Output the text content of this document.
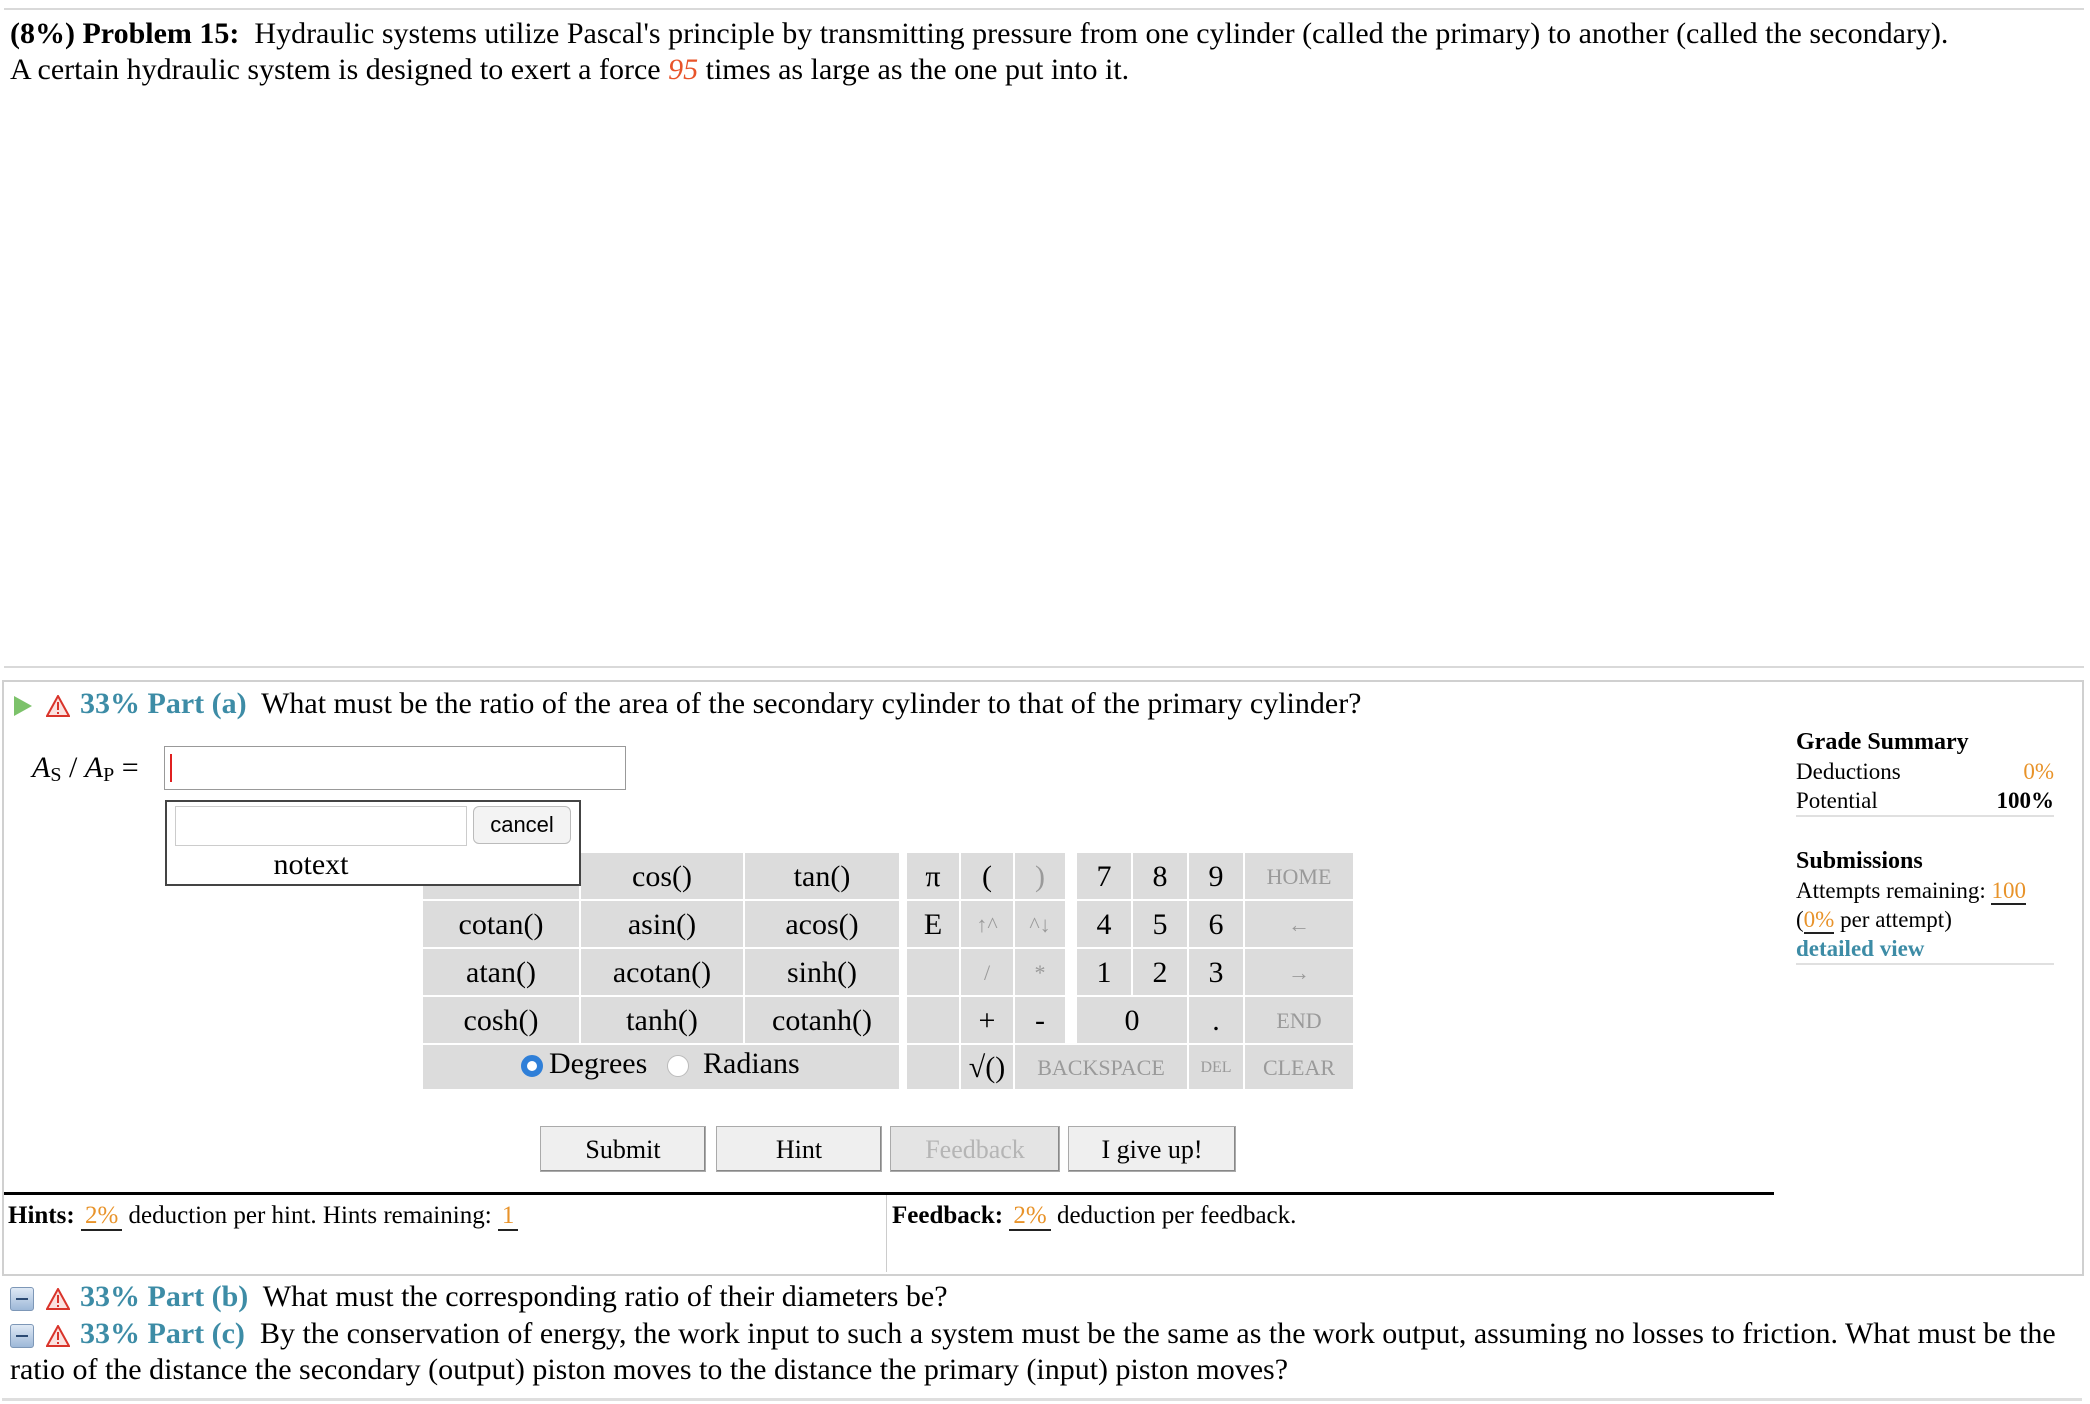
(8%) Problem 15: Hydraulic systems utilize Pascal's principle by transmitting pressure from one cylinder (called the primary) to another (called the secondary). A certain hydraulic system is designed to exert a force 95 times as large as the one put into it.
33% Part (a) What must be the ratio of the area of the secondary cylinder to that of the primary cylinder?
$A_S / A_P$ =
cancel
notext	cos()	tan()
cotan()	asin()	acos()
atan()	acotan()	sinh()
cosh()	tanh()	cotanh()
Degrees Radians
π	(	)	7	8	9	HOME
E	↑^	^↓	4	5	6	←
/	*	1	2	3	→
+	-	0	.	END
√()	BACKSPACE	DEL	CLEAR
Submit	Hint	Feedback	I give up!
Hints: 2% deduction per hint. Hints remaining: 1	Feedback: 2% deduction per feedback.
Grade Summary
Deductions	0%
Potential	100%
Submissions
Attempts remaining: 100
(0% per attempt)
detailed view
33% Part (b) What must the corresponding ratio of their diameters be?
33% Part (c) By the conservation of energy, the work input to such a system must be the same as the work output, assuming no losses to friction. What must be the ratio of the distance the secondary (output) piston moves to the distance the primary (input) piston moves?
